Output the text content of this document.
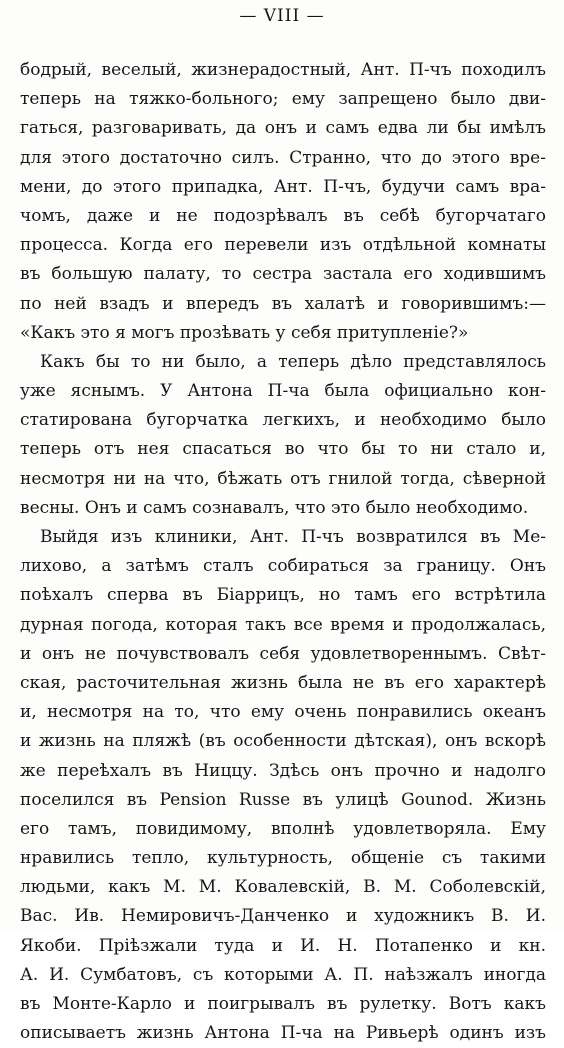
— VIII —
бодрый, веселый, жизнерадостный, Ант. П-чъ походилъ
теперь на тяжко-больного; ему запрещено было дви-
гаться, разговаривать, да онъ и самъ едва ли бы имѣлъ
для этого достаточно силъ. Странно, что до этого вре-
мени, до этого припадка, Ант. П-чъ, будучи самъ врa-
чомъ, даже и не подозрѣвалъ въ себѣ бугорчатaго
процесса. Когда его перевели изъ отдѣльной комнаты
въ большую палату, то сестра застала его ходившимъ
по ней взадъ и впередъ въ халатѣ и говорившимъ:—
«Какъ это я могъ прозѣвать у себя притупленіе?»
Какъ бы то ни было, а теперь дѣло представлялось
уже яснымъ. У Антона П-ча была официально кон-
статирована бугорчатка легкихъ, и необходимо было
теперь отъ нея спасаться во что бы то ни стало и,
несмотря ни на что, бѣжать отъ гнилой тогда, сѣверной
весны. Онъ и самъ сознавалъ, что это было необходимо.
Выйдя изъ клиники, Ант. П-чъ возвратился въ Ме-
лихово, а затѣмъ сталъ собираться за границу. Онъ
поѣхалъ сперва въ Біаррицъ, но тамъ его встрѣтила
дурная погода, которая такъ все время и продолжалась,
и онъ не почувствовалъ себя удовлетвореннымъ. Свѣт-
ская, расточительная жизнь была не въ его характерѣ
и, несмотря на то, что ему очень понравились океанъ
и жизнь на пляжѣ (въ особенности дѣтская), онъ вскорѣ
же переѣхалъ въ Ниццу. Здѣсь онъ прочно и надолго
поселился въ Pension Russe въ улицѣ Gounod. Жизнь
его тамъ, повидимому, вполнѣ удовлетворяла. Ему
нравились тепло, культурность, общеніе съ такими
людьми, какъ М. М. Ковалевскій, В. М. Соболевскій,
Вас. Ив. Немировичъ-Данченко и художникъ В. И.
Якоби. Пріѣзжали туда и И. Н. Потапенко и кн.
А. И. Сумбатовъ, съ которыми А. П. наѣзжалъ иногда
въ Монте-Карло и поигрывалъ въ рулетку. Вотъ какъ
описываетъ жизнь Антона П-ча на Ривьерѣ одинъ изъ
